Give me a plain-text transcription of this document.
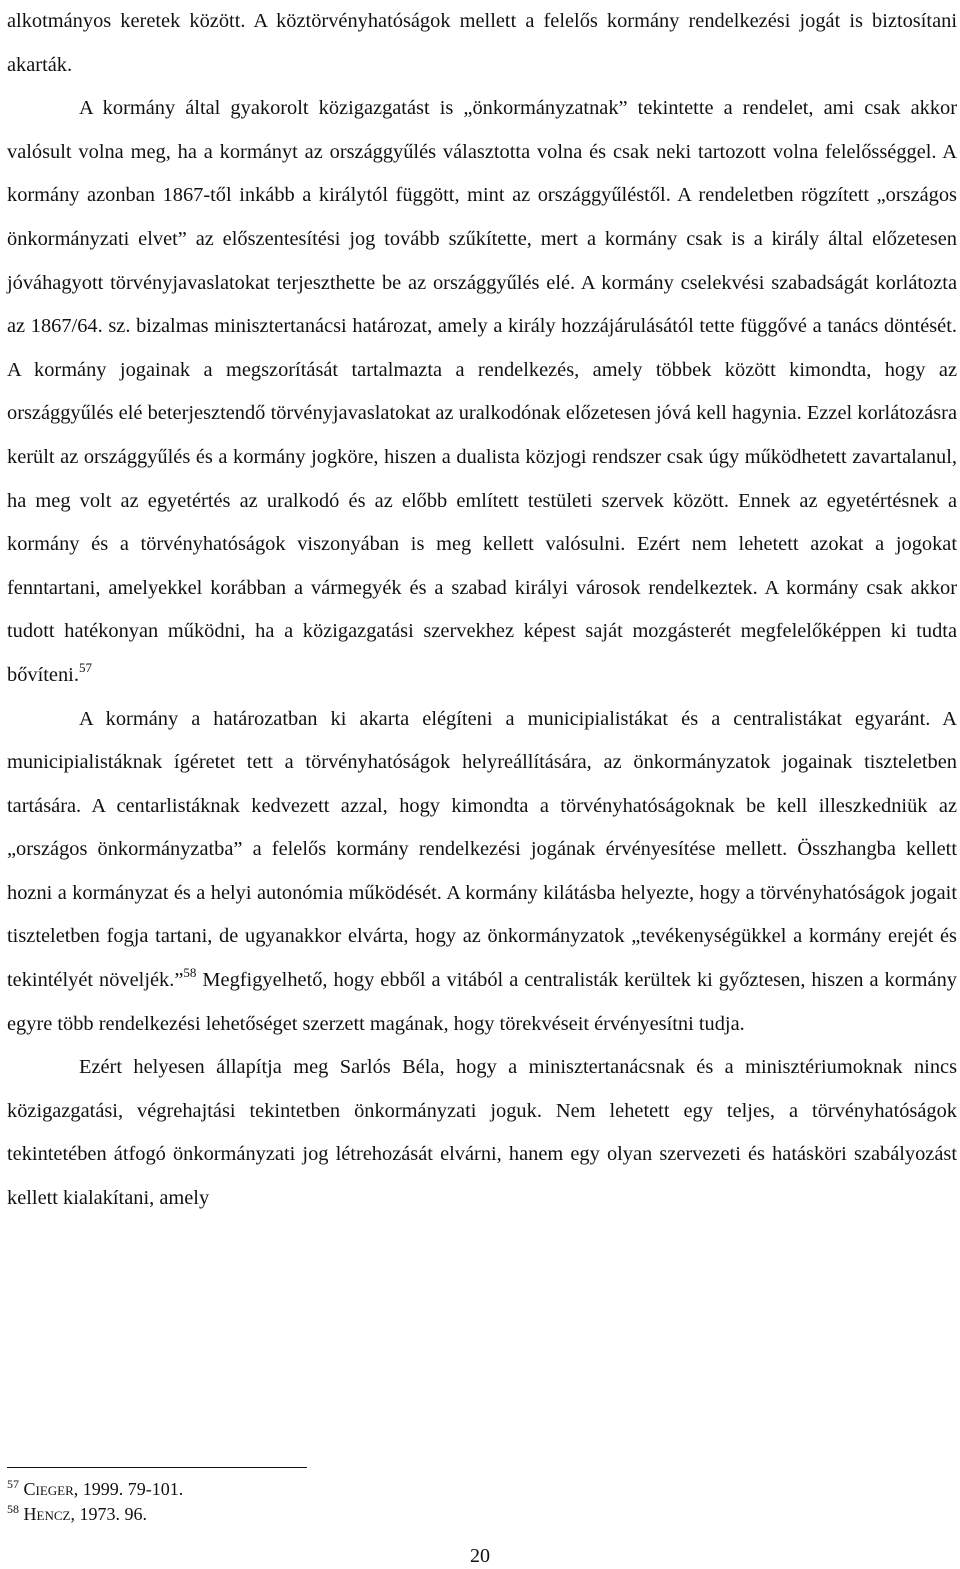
alkotmányos keretek között. A köztörvényhatóságok mellett a felelős kormány rendelkezési jogát is biztosítani akarták.

A kormány által gyakorolt közigazgatást is „önkormányzatnak” tekintette a rendelet, ami csak akkor valósult volna meg, ha a kormányt az országgyűlés választotta volna és csak neki tartozott volna felelősséggel. A kormány azonban 1867-től inkább a királytól függött, mint az országgyűléstől. A rendeletben rögzített „országos önkormányzati elvet” az előszentesítési jog tovább szűkítette, mert a kormány csak is a király által előzetesen jóváhagyott törvényjavaslatokat terjeszthette be az országgyűlés elé. A kormány cselekvési szabadságát korlátozta az 1867/64. sz. bizalmas minisztertanácsi határozat, amely a király hozzájárulásától tette függővé a tanács döntését. A kormány jogainak a megszorítását tartalmazta a rendelkezés, amely többek között kimondta, hogy az országgyűlés elé beterjesztendő törvényjavaslatokat az uralkodónak előzetesen jóvá kell hagynia. Ezzel korlátozásra került az országgyűlés és a kormány jogköre, hiszen a dualista közjogi rendszer csak úgy működhetett zavartalanul, ha meg volt az egyetértés az uralkodó és az előbb említett testületi szervek között. Ennek az egyetértésnek a kormány és a törvényhatóságok viszonyában is meg kellett valósulni. Ezért nem lehetett azokat a jogokat fenntartani, amelyekkel korábban a vármegyék és a szabad királyi városok rendelkeztek. A kormány csak akkor tudott hatékonyan működni, ha a közigazgatási szervekhez képest saját mozgásterét megfelelőképpen ki tudta bővíteni.$^{57}$

A kormány a határozatban ki akarta elégíteni a municipialistákat és a centralistákat egyaránt. A municipialistáknak ígéretet tett a törvényhatóságok helyreállítására, az önkormányzatok jogainak tiszteletben tartására. A centarlistáknak kedvezett azzal, hogy kimondta a törvényhatóságoknak be kell illeszkedniük az „országos önkormányzatba” a felelős kormány rendelkezési jogának érvényesítése mellett. Összhangba kellett hozni a kormányzat és a helyi autonómia működését. A kormány kilátásba helyezte, hogy a törvényhatóságok jogait tiszteletben fogja tartani, de ugyanakkor elvárta, hogy az önkormányzatok „tevékenységükkel a kormány erejét és tekintélyét növeljék.”$^{58}$ Megfigyelhető, hogy ebből a vitából a centralisták kerültek ki győztesen, hiszen a kormány egyre több rendelkezési lehetőséget szerzett magának, hogy törekvéseit érvényesítni tudja.

Ezért helyesen állapítja meg Sarlós Béla, hogy a minisztertanácsnak és a minisztériumoknak nincs közigazgatási, végrehajtási tekintetben önkormányzati joguk. Nem lehetett egy teljes, a törvényhatóságok tekintetében átfogó önkormányzati jog létrehozását elvárni, hanem egy olyan szervezeti és hatásköri szabályozást kellett kialakítani, amely

$^{57}$ Cieger, 1999. 79-101.
$^{58}$ Hencz, 1973. 96.
20
